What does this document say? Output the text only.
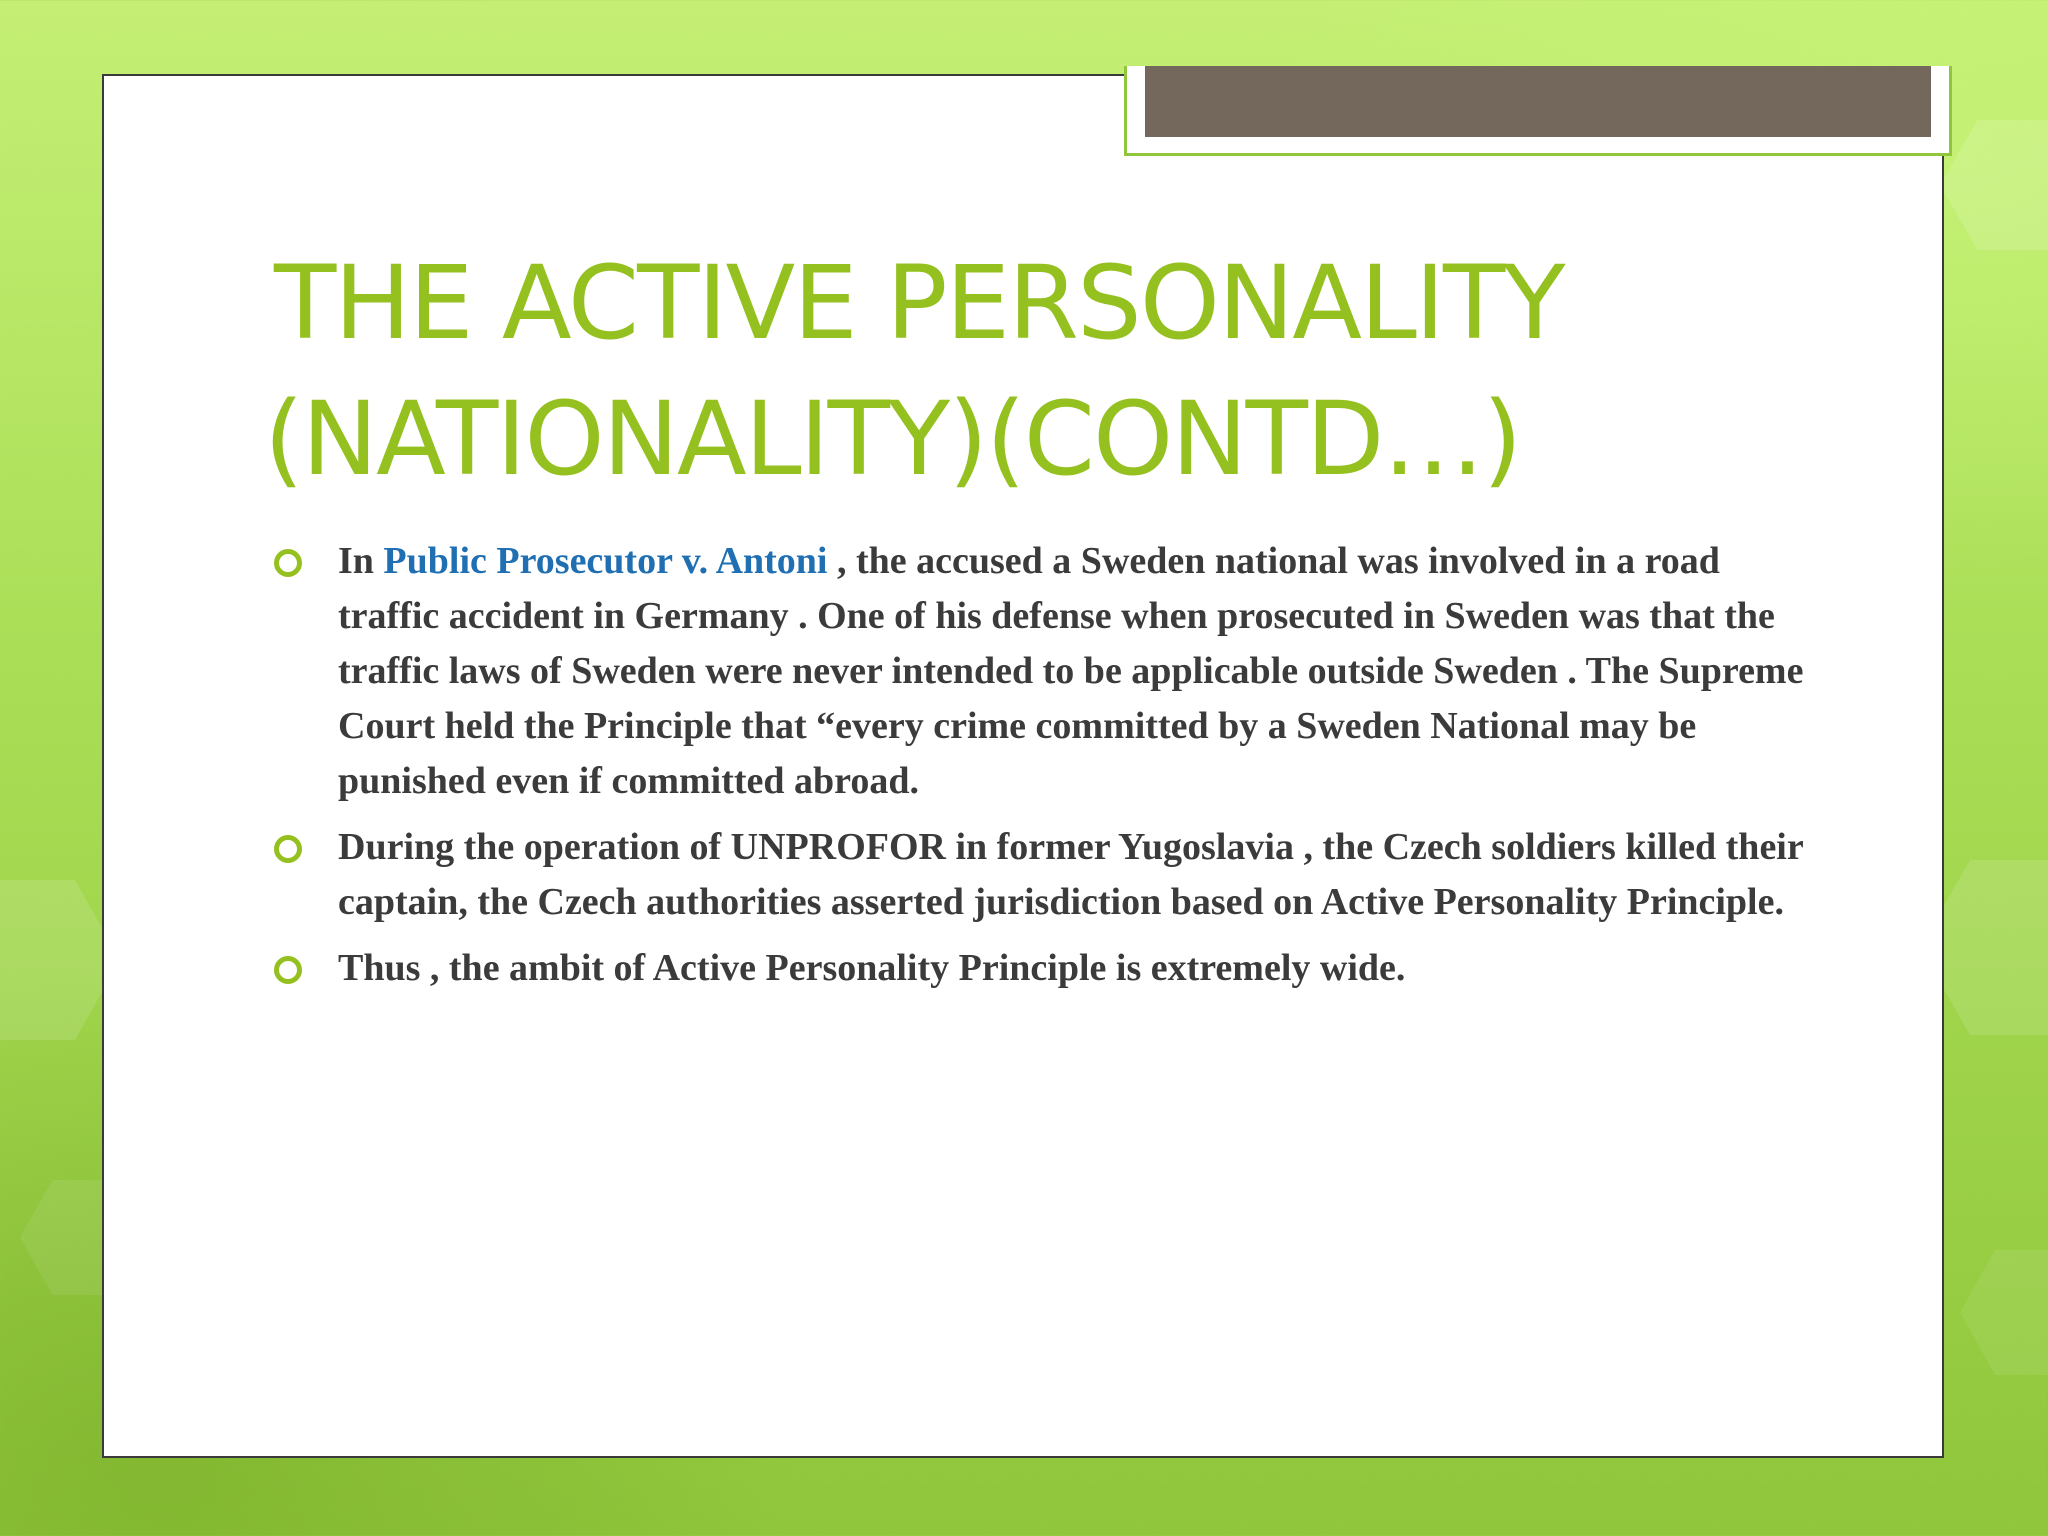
THE ACTIVE PERSONALITY
(NATIONALITY)(CONTD…)
In Public Prosecutor v. Antoni , the accused a Sweden national was involved in a road traffic accident in Germany . One of his defense when prosecuted in Sweden was that the traffic laws of Sweden were never intended to be applicable outside Sweden . The Supreme Court held the Principle that “every crime committed by a Sweden National may be punished even if committed abroad.
During the operation of UNPROFOR in former Yugoslavia , the Czech soldiers killed their captain, the Czech authorities asserted jurisdiction based on Active Personality Principle.
Thus , the ambit of Active Personality Principle is extremely wide.
